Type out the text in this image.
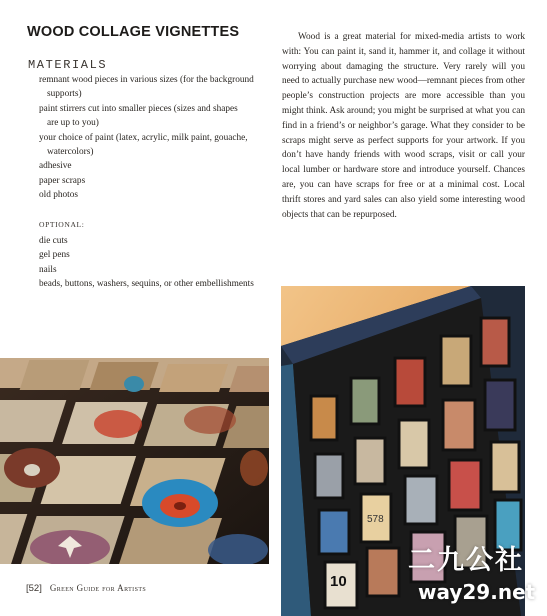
WOOD COLLAGE VIGNETTES
MATERIALS
remnant wood pieces in various sizes (for the background
supports)
paint stirrers cut into smaller pieces (sizes and shapes
are up to you)
your choice of paint (latex, acrylic, milk paint, gouache,
watercolors)
adhesive
paper scraps
old photos
OPTIONAL:
die cuts
gel pens
nails
beads, buttons, washers, sequins, or other embellishments
Wood is a great material for mixed-media artists to work with: You can paint it, sand it, hammer it, and collage it without worrying about damaging the structure. Very rarely will you need to actually purchase new wood—remnant pieces from other people’s construction projects are more accessible than you might think. Ask around; you might be surprised at what you can find in a friend’s or neighbor’s garage. What they consider to be scraps might serve as perfect supports for your artwork. If you don’t have handy friends with wood scraps, visit or call your local lumber or hardware store and introduce yourself. Chances are, you can have scraps for free or at a minimal cost. Local thrift stores and yard sales can also yield some interesting wood objects that can be repurposed.
10
578
[52] Green Guide for Artists
二九公社
way29.net
